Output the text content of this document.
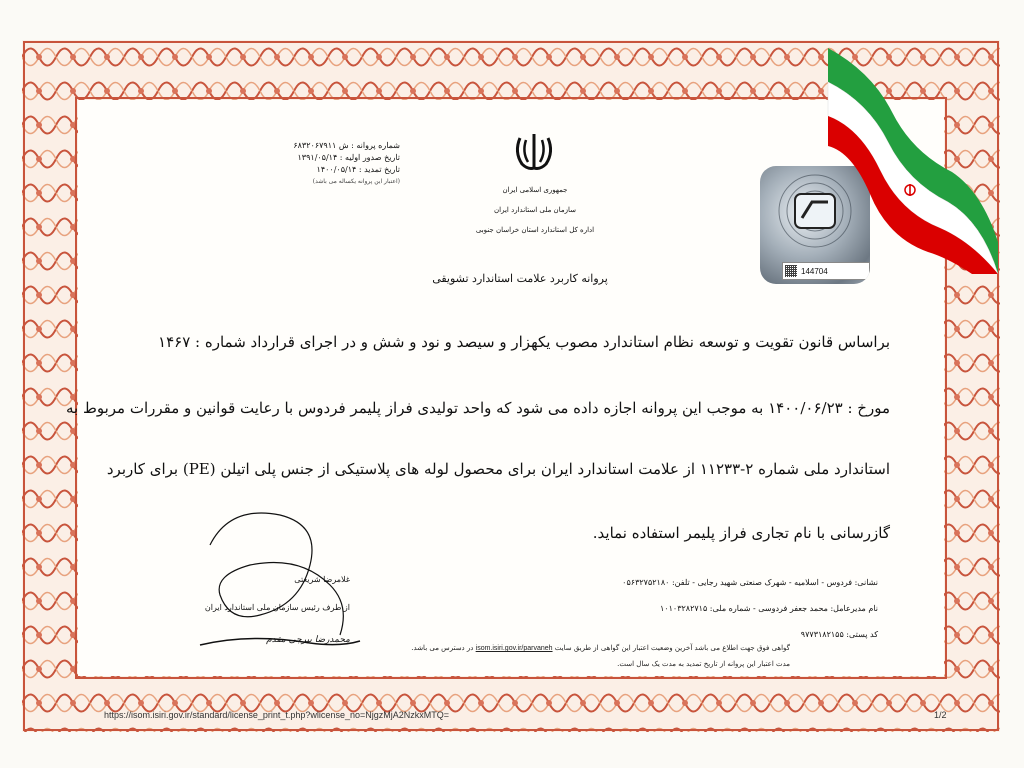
شماره پروانه : ش ۶۸۳۲۰۶۷۹۱۱
تاریخ صدور اولیه : ۱۳۹۱/۰۵/۱۴
تاریخ تمدید : ۱۴۰۰/۰۵/۱۴
(اعتبار این پروانه یکساله می باشد)
جمهوری اسلامی ایران
سازمان ملی استاندارد ایران
اداره کل استاندارد استان خراسان جنوبی
پروانه کاربرد علامت استاندارد تشویقی
144704
براساس قانون تقویت و توسعه نظام استاندارد مصوب یکهزار و سیصد و نود و شش و در اجرای قرارداد شماره : ۱۴۶۷
مورخ : ۱۴۰۰/۰۶/۲۳ به موجب این پروانه اجازه داده می شود که واحد تولیدی فراز پلیمر فردوس با رعایت قوانین و مقررات مربوط به
استاندارد ملی شماره ۲-۱۱۲۳۳ از علامت استاندارد ایران برای محصول لوله های پلاستیکی از جنس پلی اتیلن (PE) برای کاربرد
گازرسانی با نام تجاری فراز پلیمر استفاده نماید.
غلامرضا شریعتی
از طرف رئیس سازمان ملی استاندارد ایران
محمدرضا بیرجی مقدم
نشانی: فردوس - اسلامیه - شهرک صنعتی شهید رجایی - تلفن: ۰۵۶۳۲۷۵۲۱۸۰
نام مدیرعامل: محمد جعفر فردوسی - شماره ملی: ۱۰۱۰۳۲۸۲۷۱۵
کد پستی: ۹۷۷۳۱۸۲۱۵۵
گواهی فوق جهت اطلاع می باشد آخرین وضعیت اعتبار این گواهی از طریق سایت isom.isiri.gov.ir/parvaneh در دسترس می باشد.
مدت اعتبار این پروانه از تاریخ تمدید به مدت یک سال است.
https://isom.isiri.gov.ir/standard/license_print_t.php?wlicense_no=NjgzMjA2NzkxMTQ=	1/2
